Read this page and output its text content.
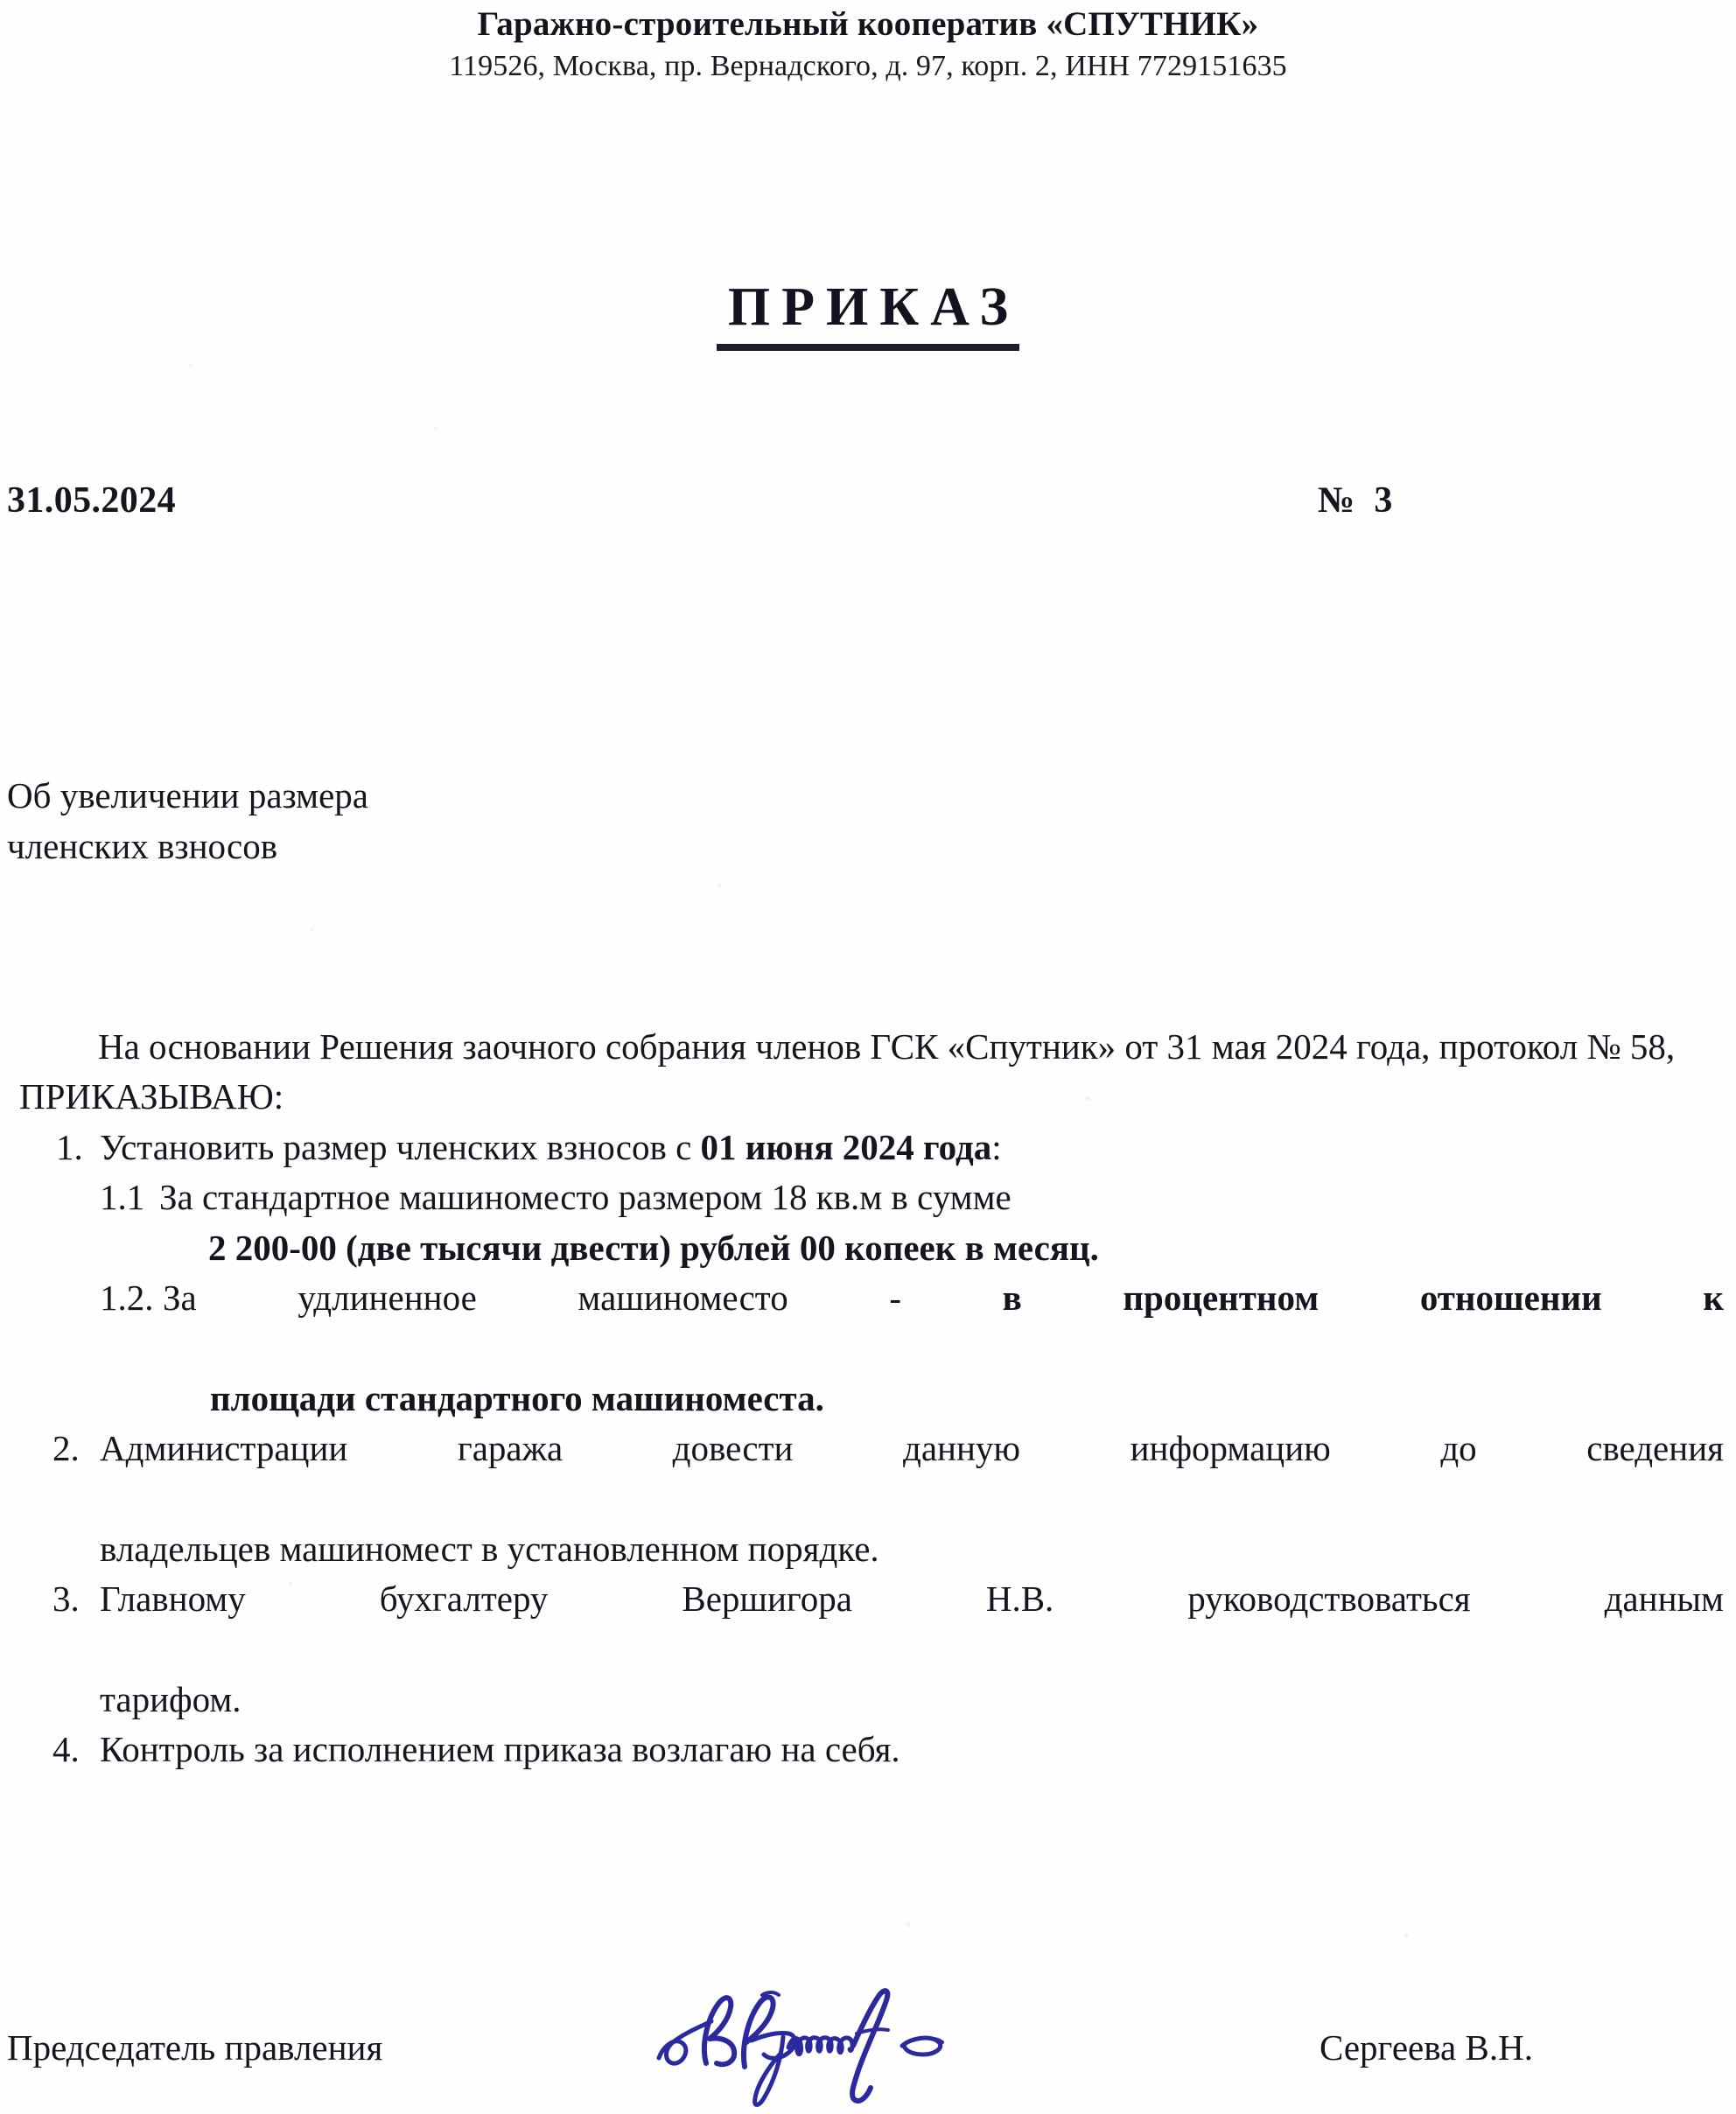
Гаражно-строительный кооператив «СПУТНИК»
119526, Москва, пр. Вернадского, д. 97, корп. 2, ИНН 7729151635
ПРИКАЗ
31.05.2024	№  3
Об увеличении размера
членских взносов

На основании Решения заочного собрания членов ГСК «Спутник» от 31 мая 2024 года, протокол № 58,

ПРИКАЗЫВАЮ:

1. Установить размер членских взносов с 01 июня 2024 года:
1.1 За стандартное машиноместо размером 18 кв.м в сумме
2 200-00 (две тысячи двести) рублей 00 копеек в месяц.
1.2. За удлиненное машиноместо - в процентном отношении к
площади стандартного машиноместа.
2. Администрации гаража довести данную информацию до сведения
владельцев машиномест в установленном порядке.
3. Главному бухгалтеру Вершигора Н.В. руководствоваться данным
тарифом.
4. Контроль за исполнением приказа возлагаю на себя.
Председатель правления	Сергеева В.Н.
